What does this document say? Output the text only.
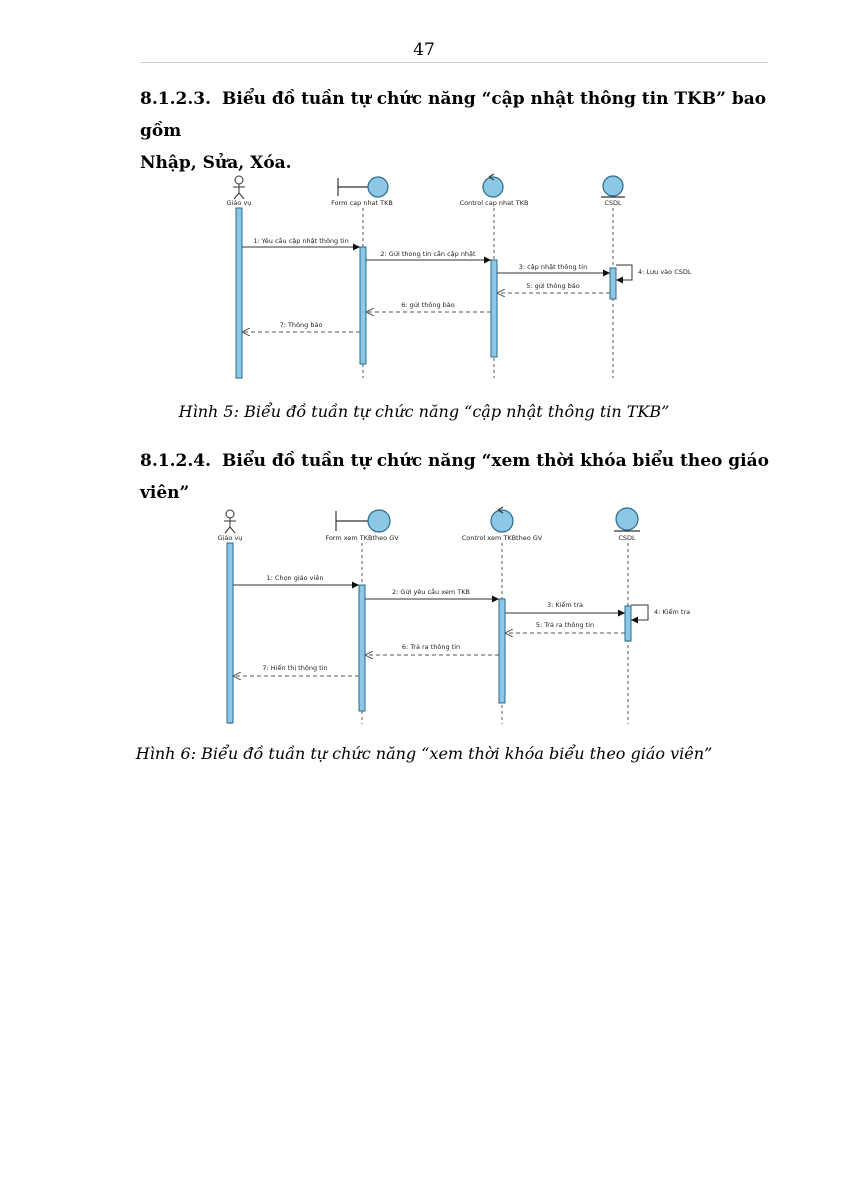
47
8.1.2.3. Biểu đồ tuần tự chức năng “cập nhật thông tin TKB” bao gồm
Nhập, Sửa, Xóa.
Giáo vụ	Form cap nhat TKB	Control cap nhat TKB	CSDL
1: Yêu cầu cập nhật thông tin
2: Gửi thong tin cần cập nhật
3: cập nhật thông tin
4: Lưu vào CSDL
5: gửi thông báo
6: gửi thông báo
7: Thông báo
Hình 5: Biểu đồ tuần tự chức năng “cập nhật thông tin TKB”
8.1.2.4. Biểu đồ tuần tự chức năng “xem thời khóa biểu theo giáo viên”
Giáo vụ	Form xem TKBtheo GV	Control xem TKBtheo GV	CSDL
1: Chọn giáo viên
2: Gửi yêu cầu xem TKB
3: Kiểm tra
4: Kiểm tra
5: Trả ra thông tin
6: Trả ra thông tin
7: Hiển thị thông tin
Hình 6: Biểu đồ tuần tự chức năng “xem thời khóa biểu theo giáo viên”
